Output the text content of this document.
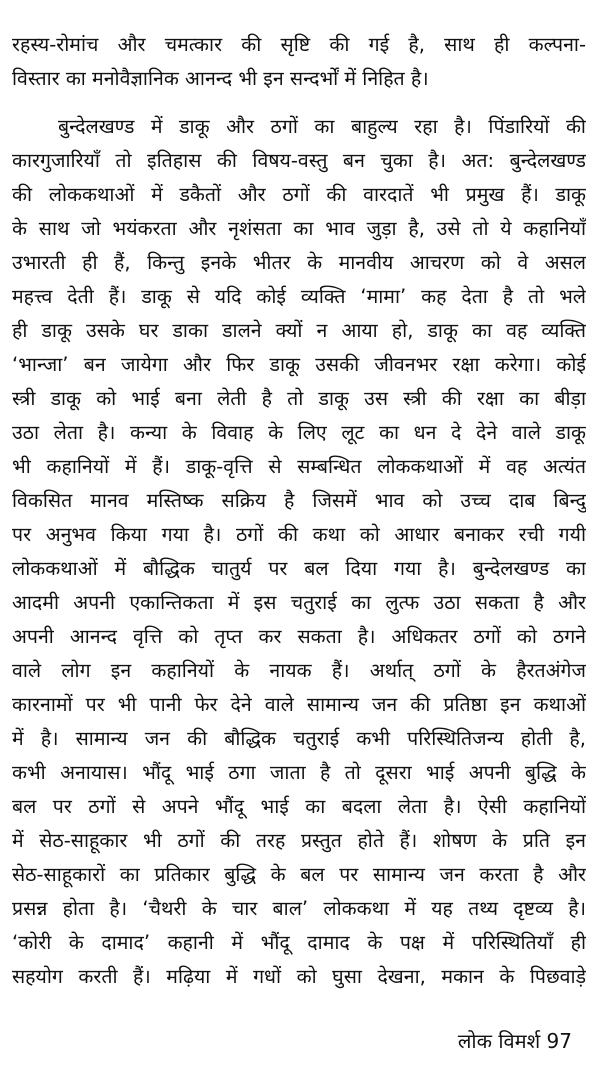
रहस्य-रोमांच और चमत्कार की सृष्टि की गई है, साथ ही कल्पना-
विस्तार का मनोवैज्ञानिक आनन्द भी इन सन्दर्भों में निहित है।
बुन्देलखण्ड में डाकू और ठगों का बाहुल्य रहा है। पिंडारियों की
कारगुजारियाँ तो इतिहास की विषय-वस्तु बन चुका है। अत: बुन्देलखण्ड
की लोककथाओं में डकैतों और ठगों की वारदातें भी प्रमुख हैं। डाकू
के साथ जो भयंकरता और नृशंसता का भाव जुड़ा है, उसे तो ये कहानियाँ
उभारती ही हैं, किन्तु इनके भीतर के मानवीय आचरण को वे असल
महत्त्व देती हैं। डाकू से यदि कोई व्यक्ति ‘मामा’ कह देता है तो भले
ही डाकू उसके घर डाका डालने क्यों न आया हो, डाकू का वह व्यक्ति
‘भान्जा’ बन जायेगा और फिर डाकू उसकी जीवनभर रक्षा करेगा। कोई
स्त्री डाकू को भाई बना लेती है तो डाकू उस स्त्री की रक्षा का बीड़ा
उठा लेता है। कन्या के विवाह के लिए लूट का धन दे देने वाले डाकू
भी कहानियों में हैं। डाकू-वृत्ति से सम्बन्धित लोककथाओं में वह अत्यंत
विकसित मानव मस्तिष्क सक्रिय है जिसमें भाव को उच्च दाब बिन्दु
पर अनुभव किया गया है। ठगों की कथा को आधार बनाकर रची गयी
लोककथाओं में बौद्धिक चातुर्य पर बल दिया गया है। बुन्देलखण्ड का
आदमी अपनी एकान्तिकता में इस चतुराई का लुत्फ उठा सकता है और
अपनी आनन्द वृत्ति को तृप्त कर सकता है। अधिकतर ठगों को ठगने
वाले लोग इन कहानियों के नायक हैं। अर्थात् ठगों के हैरतअंगेज
कारनामों पर भी पानी फेर देने वाले सामान्य जन की प्रतिष्ठा इन कथाओं
में है। सामान्य जन की बौद्धिक चतुराई कभी परिस्थितिजन्य होती है,
कभी अनायास। भौंदू भाई ठगा जाता है तो दूसरा भाई अपनी बुद्धि के
बल पर ठगों से अपने भौंदू भाई का बदला लेता है। ऐसी कहानियों
में सेठ-साहूकार भी ठगों की तरह प्रस्तुत होते हैं। शोषण के प्रति इन
सेठ-साहूकारों का प्रतिकार बुद्धि के बल पर सामान्य जन करता है और
प्रसन्न होता है। ‘चैथरी के चार बाल’ लोककथा में यह तथ्य दृष्टव्य है।
‘कोरी के दामाद’ कहानी में भौंदू दामाद के पक्ष में परिस्थितियाँ ही
सहयोग करती हैं। मढ़िया में गधों को घुसा देखना, मकान के पिछवाड़े
लोक विमर्श 97
